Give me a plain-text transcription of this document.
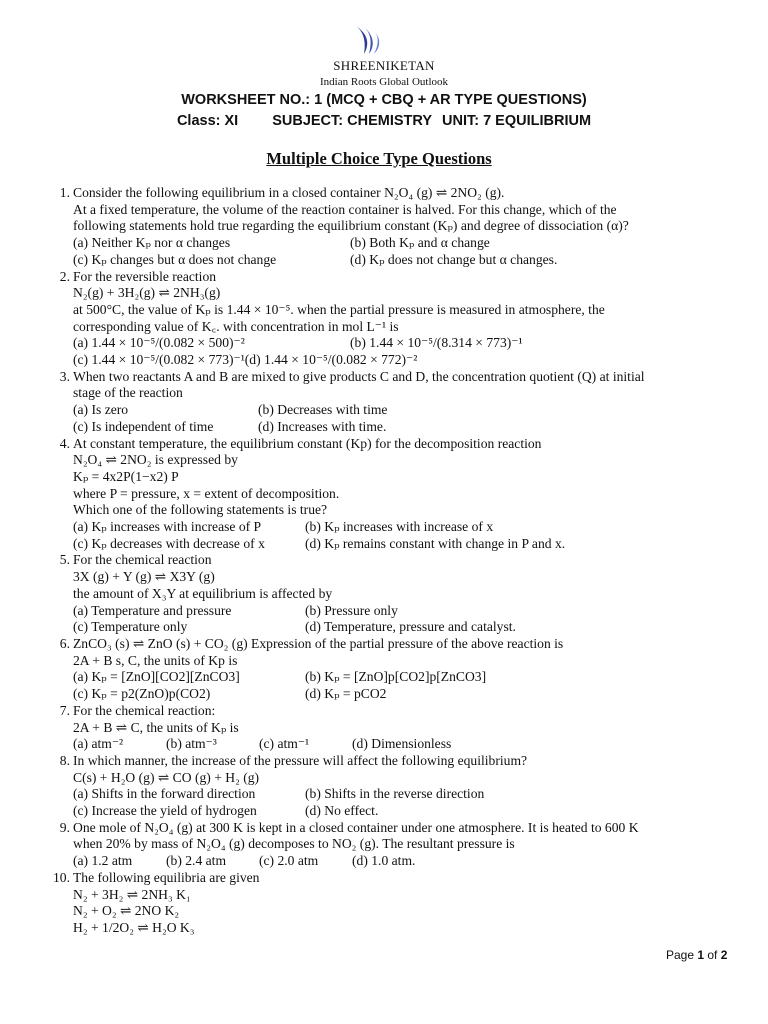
SHREENIKETAN
Indian Roots Global Outlook
WORKSHEET NO.: 1 (MCQ + CBQ + AR TYPE QUESTIONS)
Class: XI SUBJECT: CHEMISTRY UNIT: 7 EQUILIBRIUM
Multiple Choice Type Questions
1. Consider the following equilibrium in a closed container N₂O₄ (g) ⇌ 2NO₂ (g).
At a fixed temperature, the volume of the reaction container is halved. For this change, which of the
following statements hold true regarding the equilibrium constant (Kₚ) and degree of dissociation (α)?
(a) Neither Kₚ nor α changes	(b) Both Kₚ and α change
(c) Kₚ changes but α does not change	(d) Kₚ does not change but α changes.
2. For the reversible reaction
N₂(g) + 3H₂(g) ⇌ 2NH₃(g)
at 500°C, the value of Kₚ is 1.44 × 10⁻⁵. when the partial pressure is measured in atmosphere, the
corresponding value of K꜀. with concentration in mol L⁻¹ is
(a) 1.44 × 10⁻⁵/(0.082 × 500)⁻²	(b) 1.44 × 10⁻⁵/(8.314 × 773)⁻¹
(c) 1.44 × 10⁻⁵/(0.082 × 773)⁻¹(d) 1.44 × 10⁻⁵/(0.082 × 772)⁻²
3. When two reactants A and B are mixed to give products C and D, the concentration quotient (Q) at initial
stage of the reaction
(a) Is zero	(b) Decreases with time
(c) Is independent of time	(d) Increases with time.
4. At constant temperature, the equilibrium constant (Kp) for the decomposition reaction
N₂O₄ ⇌ 2NO₂ is expressed by
Kₚ = 4x2P(1−x2) P
where P = pressure, x = extent of decomposition.
Which one of the following statements is true?
(a) Kₚ increases with increase of P	(b) Kₚ increases with increase of x
(c) Kₚ decreases with decrease of x	(d) Kₚ remains constant with change in P and x.
5. For the chemical reaction
3X (g) + Y (g) ⇌ X3Y (g)
the amount of X₃Y at equilibrium is affected by
(a) Temperature and pressure	(b) Pressure only
(c) Temperature only	(d) Temperature, pressure and catalyst.
6. ZnCO₃ (s) ⇌ ZnO (s) + CO₂ (g) Expression of the partial pressure of the above reaction is
2A + B s, C, the units of Kp is
(a) Kₚ = [ZnO][CO2][ZnCO3]	(b) Kₚ = [ZnO]p[CO2]p[ZnCO3]
(c) Kₚ = p2(ZnO)p(CO2)	(d) Kₚ = pCO2
7. For the chemical reaction:
2A + B ⇌ C, the units of Kₚ is
(a) atm⁻²	(b) atm⁻³	(c) atm⁻¹	(d) Dimensionless
8. In which manner, the increase of the pressure will affect the following equilibrium?
C(s) + H₂O (g) ⇌ CO (g) + H₂ (g)
(a) Shifts in the forward direction	(b) Shifts in the reverse direction
(c) Increase the yield of hydrogen	(d) No effect.
9. One mole of N₂O₄ (g) at 300 K is kept in a closed container under one atmosphere. It is heated to 600 K
when 20% by mass of N₂O₄ (g) decomposes to NO₂ (g). The resultant pressure is
(a) 1.2 atm	(b) 2.4 atm	(c) 2.0 atm	(d) 1.0 atm.
10. The following equilibria are given
N₂ + 3H₂ ⇌ 2NH₃ K₁
N₂ + O₂ ⇌ 2NO K₂
H₂ + 1/2O₂ ⇌ H₂O K₃
Page 1 of 2
